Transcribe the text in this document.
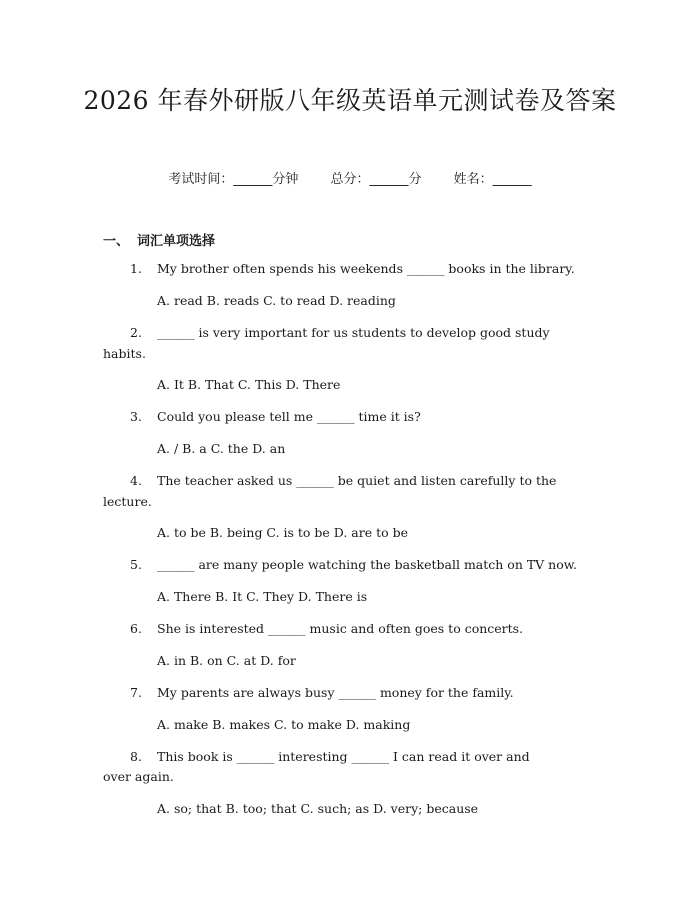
2026 年春外研版八年级英语单元测试卷及答案
考试时间：______分钟 总分：______分 姓名：______
一、 词汇单项选择
1. My brother often spends his weekends ______ books in the library.
A. read B. reads C. to read D. reading
2. ______ is very important for us students to develop good study
habits.
A. It B. That C. This D. There
3. Could you please tell me ______ time it is?
A. / B. a C. the D. an
4. The teacher asked us ______ be quiet and listen carefully to the
lecture.
A. to be B. being C. is to be D. are to be
5. ______ are many people watching the basketball match on TV now.
A. There B. It C. They D. There is
6. She is interested ______ music and often goes to concerts.
A. in B. on C. at D. for
7. My parents are always busy ______ money for the family.
A. make B. makes C. to make D. making
8. This book is ______ interesting ______ I can read it over and
over again.
A. so; that B. too; that C. such; as D. very; because
